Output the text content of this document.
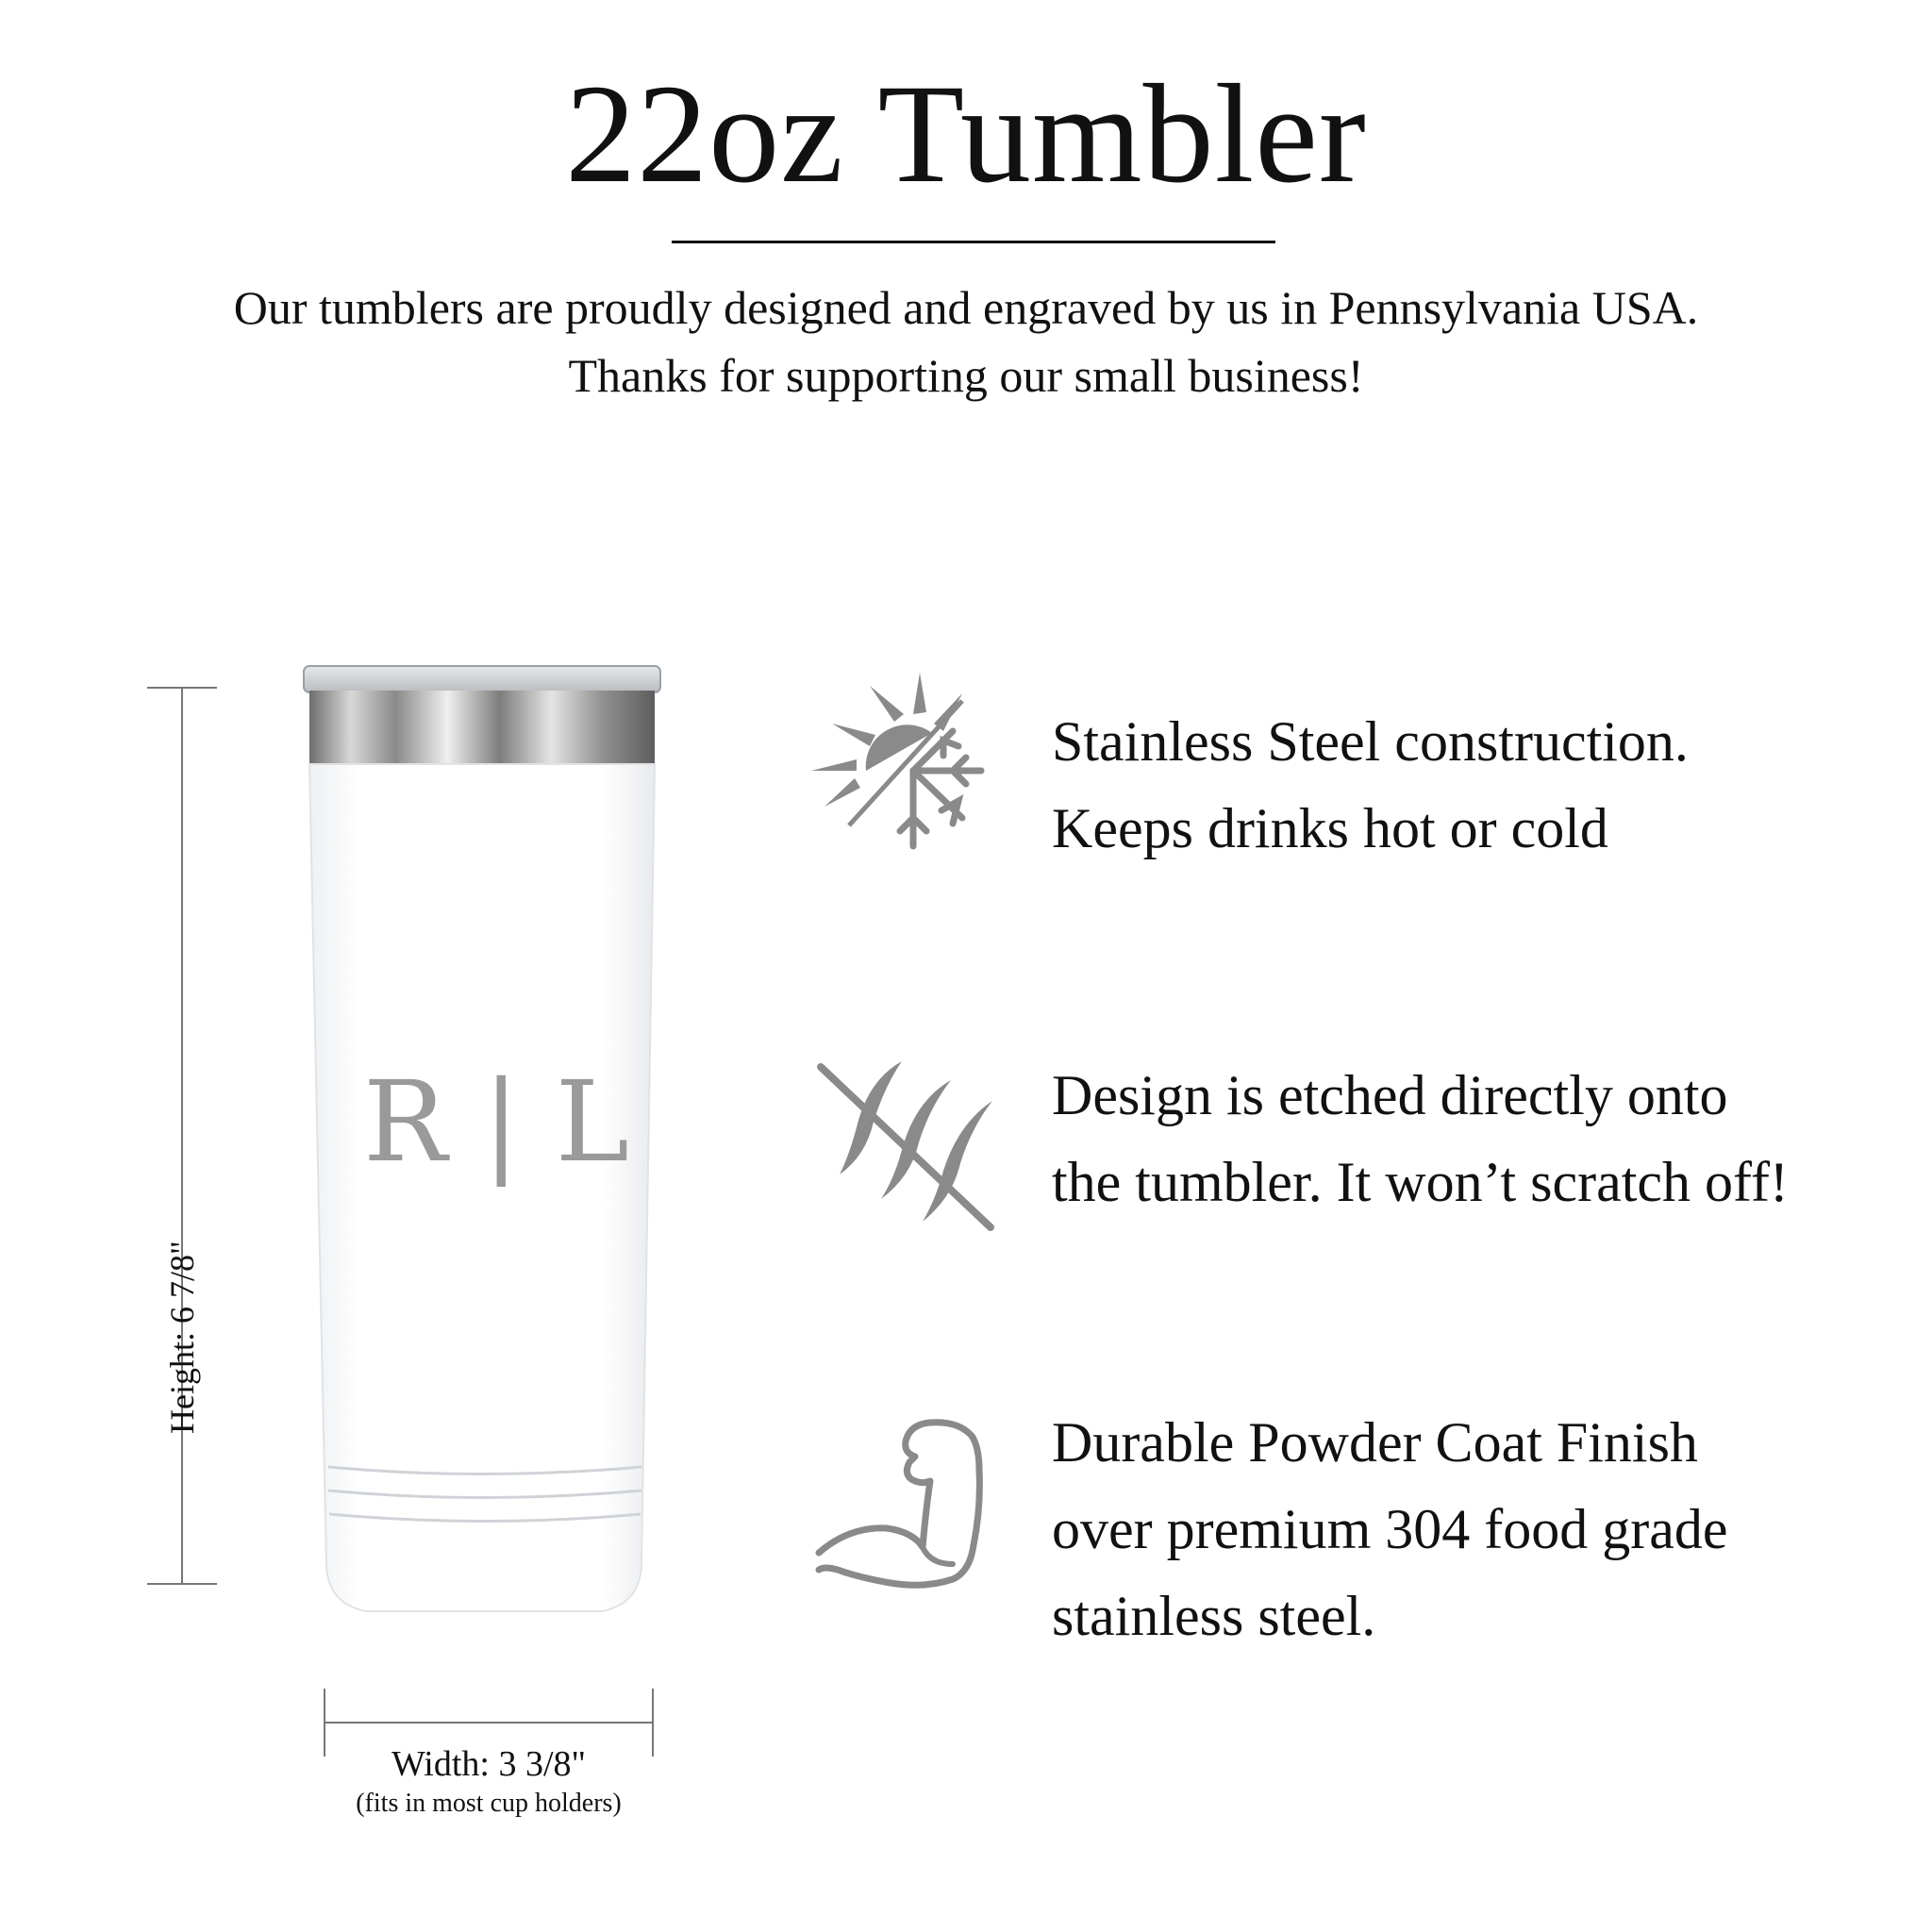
22oz Tumbler
Our tumblers are proudly designed and engraved by us in Pennsylvania USA.
Thanks for supporting our small business!
Height: 6 7/8"
R | L
Width: 3 3/8"
(fits in most cup holders)
Stainless Steel construction.
Keeps drinks hot or cold
Design is etched directly onto
the tumbler. It won’t scratch off!
Durable Powder Coat Finish
over premium 304 food grade
stainless steel.
